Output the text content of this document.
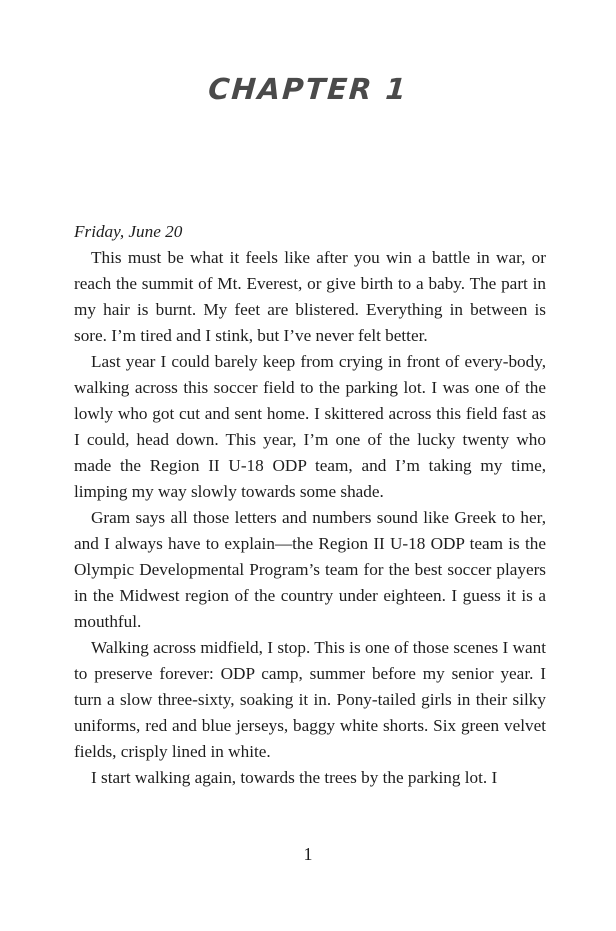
CHAPTER 1

Friday, June 20

This must be what it feels like after you win a battle in war, or reach the summit of Mt. Everest, or give birth to a baby. The part in my hair is burnt. My feet are blistered. Everything in between is sore. I’m tired and I stink, but I’ve never felt better.

Last year I could barely keep from crying in front of every-body, walking across this soccer field to the parking lot. I was one of the lowly who got cut and sent home. I skittered across this field fast as I could, head down. This year, I’m one of the lucky twenty who made the Region II U-18 ODP team, and I’m taking my time, limping my way slowly towards some shade.

Gram says all those letters and numbers sound like Greek to her, and I always have to explain—the Region II U-18 ODP team is the Olympic Developmental Program’s team for the best soccer players in the Midwest region of the country under eighteen. I guess it is a mouthful.

Walking across midfield, I stop. This is one of those scenes I want to preserve forever: ODP camp, summer before my senior year. I turn a slow three-sixty, soaking it in. Pony-tailed girls in their silky uniforms, red and blue jerseys, baggy white shorts. Six green velvet fields, crisply lined in white.

I start walking again, towards the trees by the parking lot. I

1
